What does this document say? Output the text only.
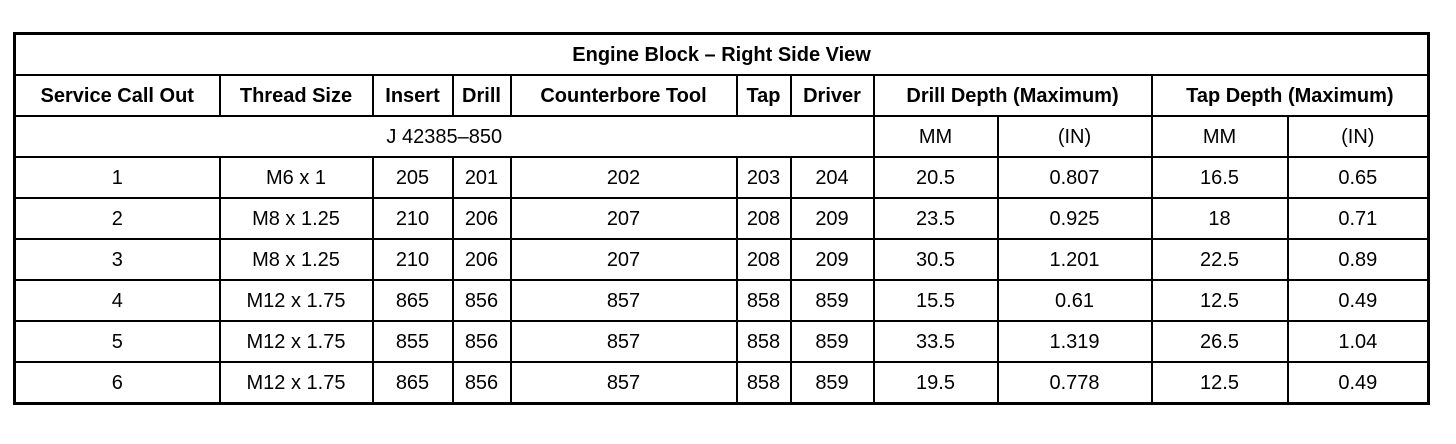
Engine Block – Right Side View										
Service Call Out	Thread Size	Insert	Drill	Counterbore Tool	Tap	Driver	Drill Depth (Maximum)		Tap Depth (Maximum)	
J 42385–850							MM	(IN)	MM	(IN)
1	M6 x 1	205	201	202	203	204	20.5	0.807	16.5	0.65
2	M8 x 1.25	210	206	207	208	209	23.5	0.925	18	0.71
3	M8 x 1.25	210	206	207	208	209	30.5	1.201	22.5	0.89
4	M12 x 1.75	865	856	857	858	859	15.5	0.61	12.5	0.49
5	M12 x 1.75	855	856	857	858	859	33.5	1.319	26.5	1.04
6	M12 x 1.75	865	856	857	858	859	19.5	0.778	12.5	0.49
